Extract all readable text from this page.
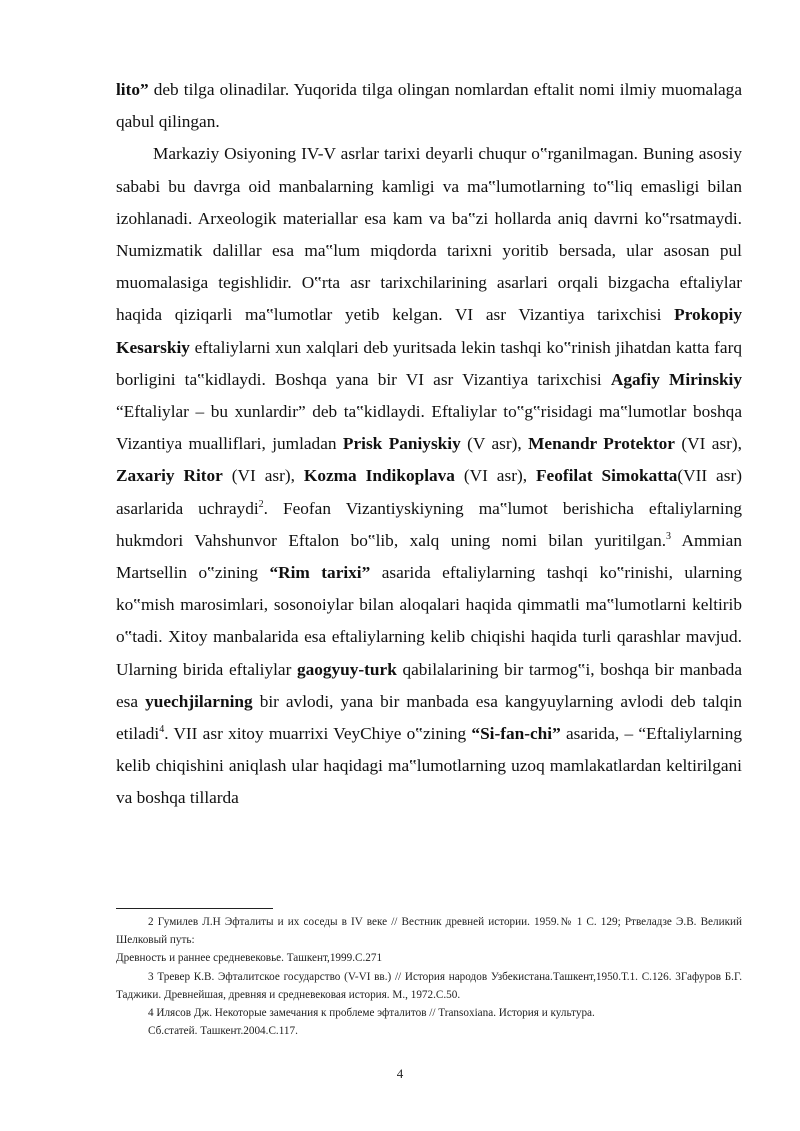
lito” deb tilga olinadilar. Yuqorida tilga olingan nomlardan eftalit nomi ilmiy muomalaga qabul qilingan.

Markaziy Osiyoning IV-V asrlar tarixi deyarli chuqur o‟rganilmagan. Buning asosiy sababi bu davrga oid manbalarning kamligi va ma‟lumotlarning to‟liq emasligi bilan izohlanadi. Arxeologik materiallar esa kam va ba‟zi hollarda aniq davrni ko‟rsatmaydi. Numizmatik dalillar esa ma‟lum miqdorda tarixni yoritib bersada, ular asosan pul muomalasiga tegishlidir. O‟rta asr tarixchilarining asarlari orqali bizgacha eftaliylar haqida qiziqarli ma‟lumotlar yetib kelgan. VI asr Vizantiya tarixchisi Prokopiy Kesarskiy eftaliylarni xun xalqlari deb yuritsada lekin tashqi ko‟rinish jihatdan katta farq borligini ta‟kidlaydi. Boshqa yana bir VI asr Vizantiya tarixchisi Agafiy Mirinskiy “Eftaliylar – bu xunlardir” deb ta‟kidlaydi. Eftaliylar to‟g‟risidagi ma‟lumotlar boshqa Vizantiya mualliflari, jumladan Prisk Paniyskiy (V asr), Menandr Protektor (VI asr), Zaxariy Ritor (VI asr), Kozma Indikoplava (VI asr), Feofilat Simokatta(VII asr) asarlarida uchraydi$^2$. Feofan Vizantiyskiyning ma‟lumot berishicha eftaliylarning hukmdori Vahshunvor Eftalon bo‟lib, xalq uning nomi bilan yuritilgan.$^3$ Ammian Martsellin o‟zining “Rim tarixi” asarida eftaliylarning tashqi ko‟rinishi, ularning ko‟mish marosimlari, sosonoiylar bilan aloqalari haqida qimmatli ma‟lumotlarni keltirib o‟tadi. Xitoy manbalarida esa eftaliylarning kelib chiqishi haqida turli qarashlar mavjud. Ularning birida eftaliylar gaogyuy-turk qabilalarining bir tarmog‟i, boshqa bir manbada esa yuechjilarning bir avlodi, yana bir manbada esa kangyuylarning avlodi deb talqin etiladi$^4$. VII asr xitoy muarrixi VeyChiye o‟zining “Si-fan-chi” asarida, – “Eftaliylarning kelib chiqishini aniqlash ular haqidagi ma‟lumotlarning uzoq mamlakatlardan keltirilgani va boshqa tillarda

2 Гумилев Л.Н Эфталиты и их соседы в IV веке // Вестник древней истории. 1959.№ 1 С. 129; Ртвеладзе Э.В. Великий Шелковый путь:

Древность и раннее средневековье. Ташкент,1999.С.271

3 Тревер К.В. Эфталитское государство (V-VI вв.) // История народов Узбекистана.Ташкент,1950.Т.1. С.126. 3Гафуров Б.Г. Таджики. Древнейшая, древняя и средневековая история. М., 1972.С.50.

4 Илясов Дж. Некоторые замечания к проблеме эфталитов // Transoxiana. История и культура.

Сб.статей. Ташкент.2004.С.117.

4
